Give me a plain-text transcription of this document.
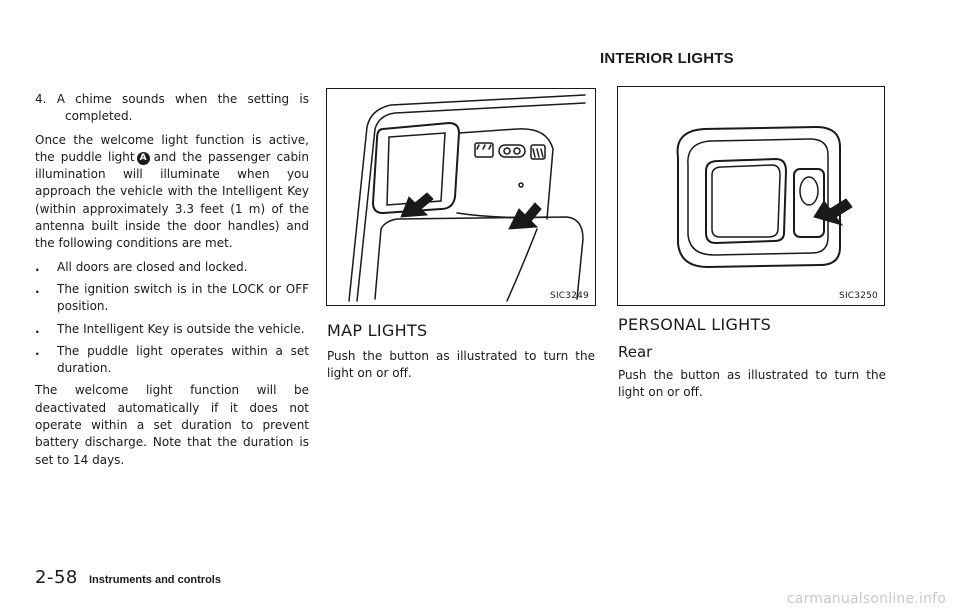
INTERIOR LIGHTS

4. A chime sounds when the setting is completed.

Once the welcome light function is active, the puddle light A and the passenger cabin illumination will illuminate when you approach the vehicle with the Intelligent Key (within approximately 3.3 feet (1 m) of the antenna built inside the door handles) and the following conditions are met.

. All doors are closed and locked.

. The ignition switch is in the LOCK or OFF position.

. The Intelligent Key is outside the vehicle.

. The puddle light operates within a set duration.

The welcome light function will be deactivated automatically if it does not operate within a set duration to prevent battery discharge. Note that the duration is set to 14 days.

SIC3249	SIC3250
MAP LIGHTS
Push the button as illustrated to turn the light on or off.
PERSONAL LIGHTS
Rear
Push the button as illustrated to turn the light on or off.
2-58 Instruments and controls
carmanualsonline.info
